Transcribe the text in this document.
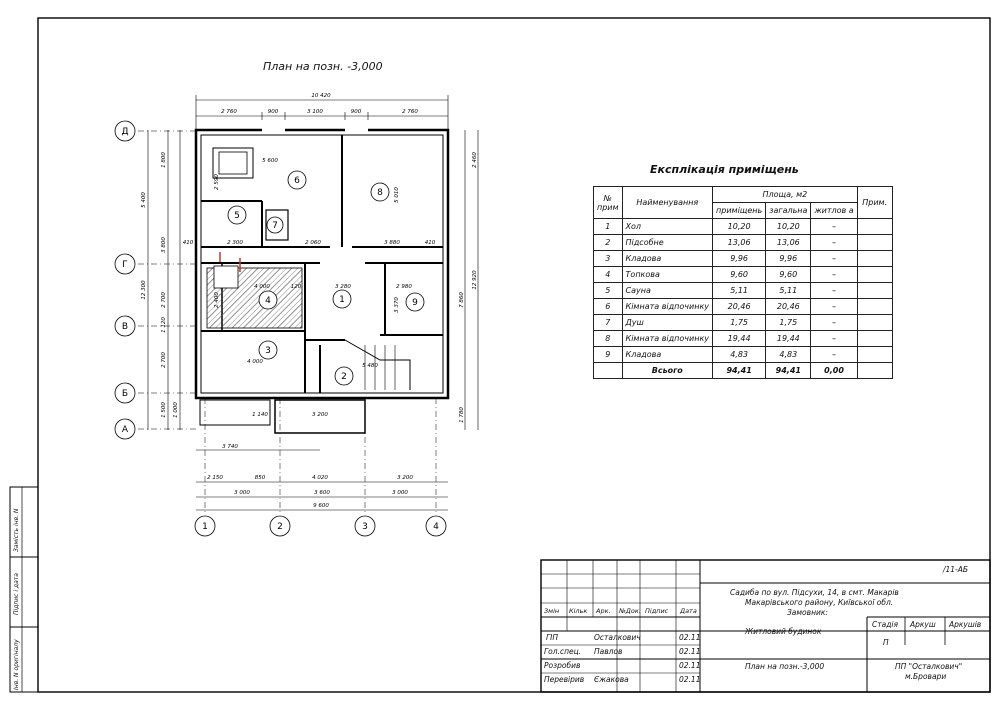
Д
Г
В
Б
А
1	2	3	4
6
8
5
7
4	1	9
3
2
10 420
2 760	900	3 100	900	2 760
2 150	850	4 020	3 200
3 000	3 600	3 000
9 600
5 600
3 740
2 300	2 060	3 880
4 000	3 280	2 980
4 000
5 480
1 140	3 200
410	410
120
5 400
12 300
1 800
3 800
2 700
1 120
2 700
1 500 1 000
2 460
12 920
7 860
1 780
2 590
5 010
2 400	3 370
План на позн. -3,000
Експлікація приміщень
№ прим	Найменування	Площа, м2			Прим.
		приміщень	загальна	житлов а	
1	Хол	10,20	10,20	–	
2	Підсобне	13,06	13,06	–	
3	Кладова	9,96	9,96	–	
4	Топкова	9,60	9,60	–	
5	Сауна	5,11	5,11	–	
6	Кімната відпочинку	20,46	20,46	–	
7	Душ	1,75	1,75	–	
8	Кімната відпочинку	19,44	19,44	–	
9	Кладова	4,83	4,83	–	
	Всього	94,41	94,41	0,00	
/11-АБ
Садиба по вул. Підсухи, 14, в смт. Макарів
Макарівського району, Київської обл.
Замовник:
Змін Кільк Арк. №Док. Підпис Дата
ГІП	Осталкович	02.11
Гол.спец. Павлов	02.11
Розробив	02.11
Перевірив Єжакова	02.11
Житловий будинок
План на позн.-3,000
Стадія Аркуш Аркушів
П
ПП "Осталкович"
м.Бровари
Замість інв. N
Підпис і дата
Інв. N оригіналу
